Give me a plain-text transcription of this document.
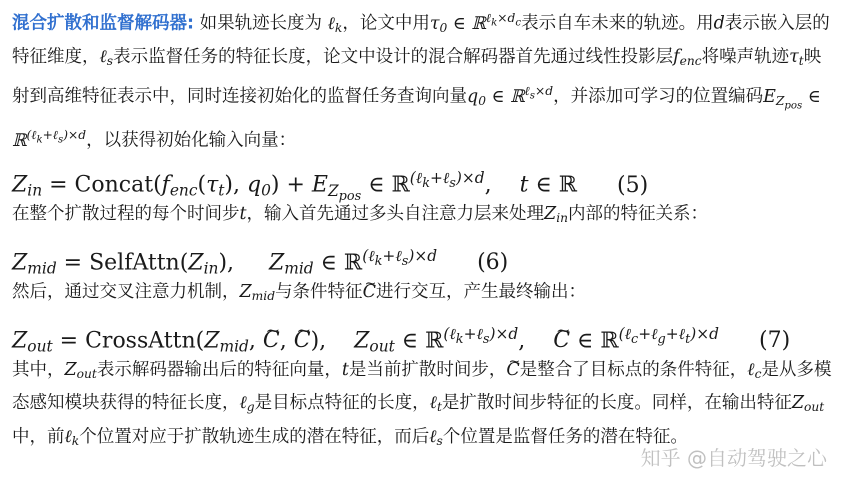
混合扩散和监督解码器: 如果轨迹长度为 ℓ$_k$，论文中用$\tau_0$ ∈ ℝ$^{\ell_k\times d_c}$表示自车未来的轨迹。用d表示嵌入层的特征维度，ℓ$_s$表示监督任务的特征长度，论文中设计的混合解码器首先通过线性投影层$f_{enc}$将噪声轨迹$\tau_t$映射到高维特征表示中，同时连接初始化的监督任务查询向量$q_0$ ∈ ℝ$^{\ell_s\times d}$，并添加可学习的位置编码$E_{Z_{pos}}$ ∈ ℝ$^{(\ell_k+\ell_s)\times d}$，以获得初始化输入向量：

$Z_{in}$ = $Concat(f_{enc}(\tau_t)$, $q_0) + E_{Z_{pos}}$ ∈ ℝ$^{(\ell_k+\ell_s)\times d}$,    t ∈ ℝ (5)

在整个扩散过程的每个时间步t，输入首先通过多头自注意力层来处理$Z_{in}$内部的特征关系：

$Z_{mid}$ = $SelfAttn(Z_{in})$,     $Z_{mid}$ ∈ ℝ$^{(\ell_k+\ell_s)\times d}$ (6)

然后，通过交叉注意力机制，$Z_{mid}$与条件特征~ C进行交互，产生最终输出：

$Z_{out}$ = $CrossAttn(Z_{mid}$, ~ C, ~ C),    $Z_{out}$ ∈ ℝ$^{(\ell_k+\ell_s)\times d}$,    ~ C ∈ ℝ$^{(\ell_c+\ell_g+\ell_t)\times d}$ (7)

其中，$Z_{out}$表示解码器输出后的特征向量，t是当前扩散时间步，~ C是整合了目标点的条件特征，ℓ$_c$是从多模态感知模块获得的特征长度，ℓ$_g$是目标点特征的长度，ℓ$_t$是扩散时间步特征的长度。同样，在输出特征$Z_{out}$中，前ℓ$_k$个位置对应于扩散轨迹生成的潜在特征，而后ℓ$_s$个位置是监督任务的潜在特征。

知乎 @自动驾驶之心
